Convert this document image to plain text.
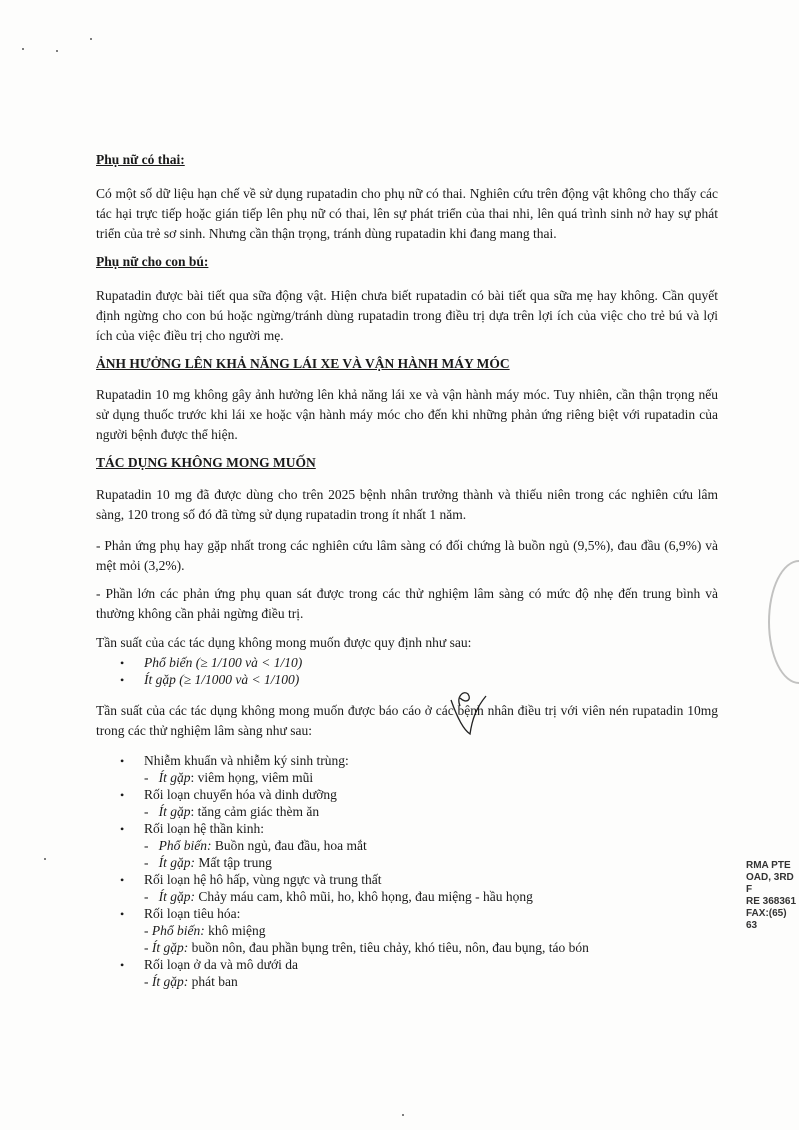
Phụ nữ có thai:
Có một số dữ liệu hạn chế về sử dụng rupatadin cho phụ nữ có thai. Nghiên cứu trên động vật không cho thấy các tác hại trực tiếp hoặc gián tiếp lên phụ nữ có thai, lên sự phát triển của thai nhi, lên quá trình sinh nở hay sự phát triển của trẻ sơ sinh. Nhưng cần thận trọng, tránh dùng rupatadin khi đang mang thai.
Phụ nữ cho con bú:
Rupatadin được bài tiết qua sữa động vật. Hiện chưa biết rupatadin có bài tiết qua sữa mẹ hay không. Cần quyết định ngừng cho con bú hoặc ngừng/tránh dùng rupatadin trong điều trị dựa trên lợi ích của việc cho trẻ bú và lợi ích của việc điều trị cho người mẹ.
ẢNH HƯỞNG LÊN KHẢ NĂNG LÁI XE VÀ VẬN HÀNH MÁY MÓC
Rupatadin 10 mg không gây ảnh hưởng lên khả năng lái xe và vận hành máy móc. Tuy nhiên, cần thận trọng nếu sử dụng thuốc trước khi lái xe hoặc vận hành máy móc cho đến khi những phản ứng riêng biệt với rupatadin của người bệnh được thể hiện.
TÁC DỤNG KHÔNG MONG MUỐN
Rupatadin 10 mg đã được dùng cho trên 2025 bệnh nhân trưởng thành và thiếu niên trong các nghiên cứu lâm sàng, 120 trong số đó đã từng sử dụng rupatadin trong ít nhất 1 năm.
- Phản ứng phụ hay gặp nhất trong các nghiên cứu lâm sàng có đối chứng là buồn ngủ (9,5%), đau đầu (6,9%) và mệt mỏi (3,2%).
- Phần lớn các phản ứng phụ quan sát được trong các thử nghiệm lâm sàng có mức độ nhẹ đến trung bình và thường không cần phải ngừng điều trị.
Tần suất của các tác dụng không mong muốn được quy định như sau:
• Phổ biến (≥ 1/100 và < 1/10)
• Ít gặp (≥ 1/1000 và < 1/100)
Tần suất của các tác dụng không mong muốn được báo cáo ở các bệnh nhân điều trị với viên nén rupatadin 10mg trong các thử nghiệm lâm sàng như sau:
• Nhiễm khuẩn và nhiễm ký sinh trùng:
-   Ít gặp: viêm họng, viêm mũi
• Rối loạn chuyển hóa và dinh dưỡng
-   Ít gặp: tăng cảm giác thèm ăn
• Rối loạn hệ thần kinh:
-   Phổ biến: Buồn ngủ, đau đầu, hoa mắt
-   Ít gặp: Mất tập trung
• Rối loạn hệ hô hấp, vùng ngực và trung thất
-   Ít gặp: Chảy máu cam, khô mũi, ho, khô họng, đau miệng - hầu họng
• Rối loạn tiêu hóa:
- Phổ biến: khô miệng
- Ít gặp: buồn nôn, đau phần bụng trên, tiêu chảy, khó tiêu, nôn, đau bụng, táo bón
• Rối loạn ở da và mô dưới da
- Ít gặp: phát ban
RMA PTE
OAD, 3RD F
RE 368361
FAX:(65) 63
